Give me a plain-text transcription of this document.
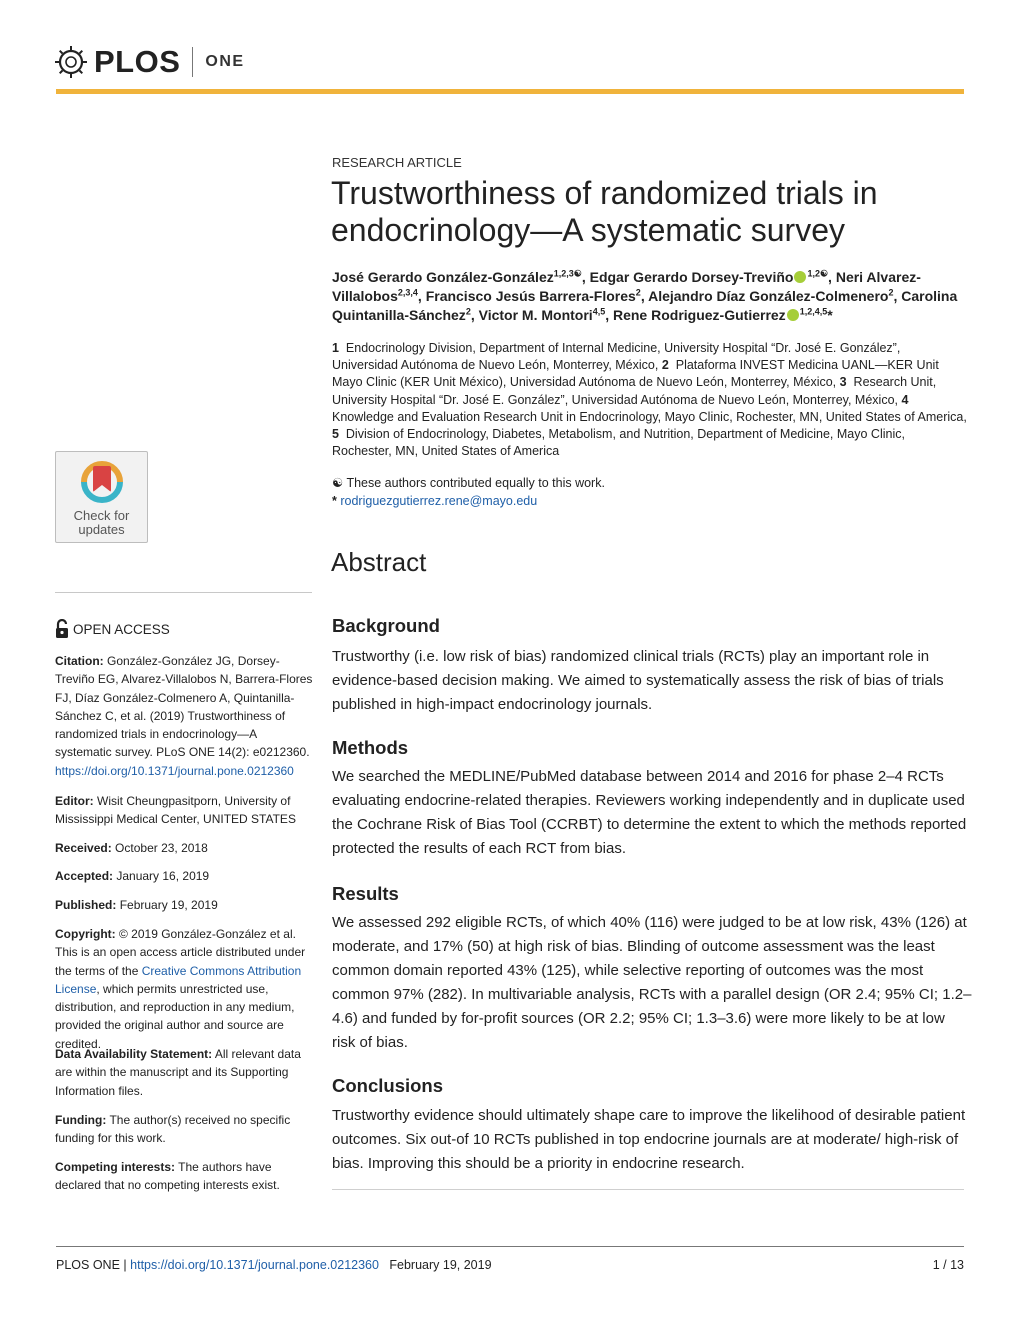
PLOS ONE
Check for
updates
OPEN ACCESS
Citation: González-González JG, Dorsey-Treviño EG, Alvarez-Villalobos N, Barrera-Flores FJ, Díaz González-Colmenero A, Quintanilla-Sánchez C, et al. (2019) Trustworthiness of randomized trials in endocrinology—A systematic survey. PLoS ONE 14(2): e0212360. https://doi.org/10.1371/journal.pone.0212360
Editor: Wisit Cheungpasitporn, University of Mississippi Medical Center, UNITED STATES
Received: October 23, 2018
Accepted: January 16, 2019
Published: February 19, 2019
Copyright: © 2019 González-González et al. This is an open access article distributed under the terms of the Creative Commons Attribution License, which permits unrestricted use, distribution, and reproduction in any medium, provided the original author and source are credited.
Data Availability Statement: All relevant data are within the manuscript and its Supporting Information files.
Funding: The author(s) received no specific funding for this work.
Competing interests: The authors have declared that no competing interests exist.
RESEARCH ARTICLE
Trustworthiness of randomized trials in endocrinology—A systematic survey
José Gerardo González-González$^{1,2,3☯}$, Edgar Gerardo Dorsey-Treviño $^{1,2☯}$, Neri Alvarez-Villalobos$^{2,3,4}$, Francisco Jesús Barrera-Flores$^2$, Alejandro Díaz González-Colmenero$^2$, Carolina Quintanilla-Sánchez$^2$, Victor M. Montori$^{4,5}$, Rene Rodriguez-Gutierrez $^{1,2,4,5}$*
1 Endocrinology Division, Department of Internal Medicine, University Hospital “Dr. José E. González”, Universidad Autónoma de Nuevo León, Monterrey, México, 2 Plataforma INVEST Medicina UANL—KER Unit Mayo Clinic (KER Unit México), Universidad Autónoma de Nuevo León, Monterrey, México, 3 Research Unit, University Hospital “Dr. José E. González”, Universidad Autónoma de Nuevo León, Monterrey, México, 4  Knowledge and Evaluation Research Unit in Endocrinology, Mayo Clinic, Rochester, MN, United States of America, 5 Division of Endocrinology, Diabetes, Metabolism, and Nutrition, Department of Medicine, Mayo Clinic, Rochester, MN, United States of America
☯ These authors contributed equally to this work.
* rodriguezgutierrez.rene@mayo.edu
Abstract
Background
Trustworthy (i.e. low risk of bias) randomized clinical trials (RCTs) play an important role in evidence-based decision making. We aimed to systematically assess the risk of bias of trials published in high-impact endocrinology journals.
Methods
We searched the MEDLINE/PubMed database between 2014 and 2016 for phase 2–4 RCTs evaluating endocrine-related therapies. Reviewers working independently and in duplicate used the Cochrane Risk of Bias Tool (CCRBT) to determine the extent to which the methods reported protected the results of each RCT from bias.
Results
We assessed 292 eligible RCTs, of which 40% (116) were judged to be at low risk, 43% (126) at moderate, and 17% (50) at high risk of bias. Blinding of outcome assessment was the least common domain reported 43% (125), while selective reporting of outcomes was the most common 97% (282). In multivariable analysis, RCTs with a parallel design (OR 2.4; 95% CI; 1.2–4.6) and funded by for-profit sources (OR 2.2; 95% CI; 1.3–3.6) were more likely to be at low risk of bias.
Conclusions
Trustworthy evidence should ultimately shape care to improve the likelihood of desirable patient outcomes. Six out-of 10 RCTs published in top endocrine journals are at moderate/ high-risk of bias. Improving this should be a priority in endocrine research.
PLOS ONE | https://doi.org/10.1371/journal.pone.0212360 February 19, 2019	1 / 13
